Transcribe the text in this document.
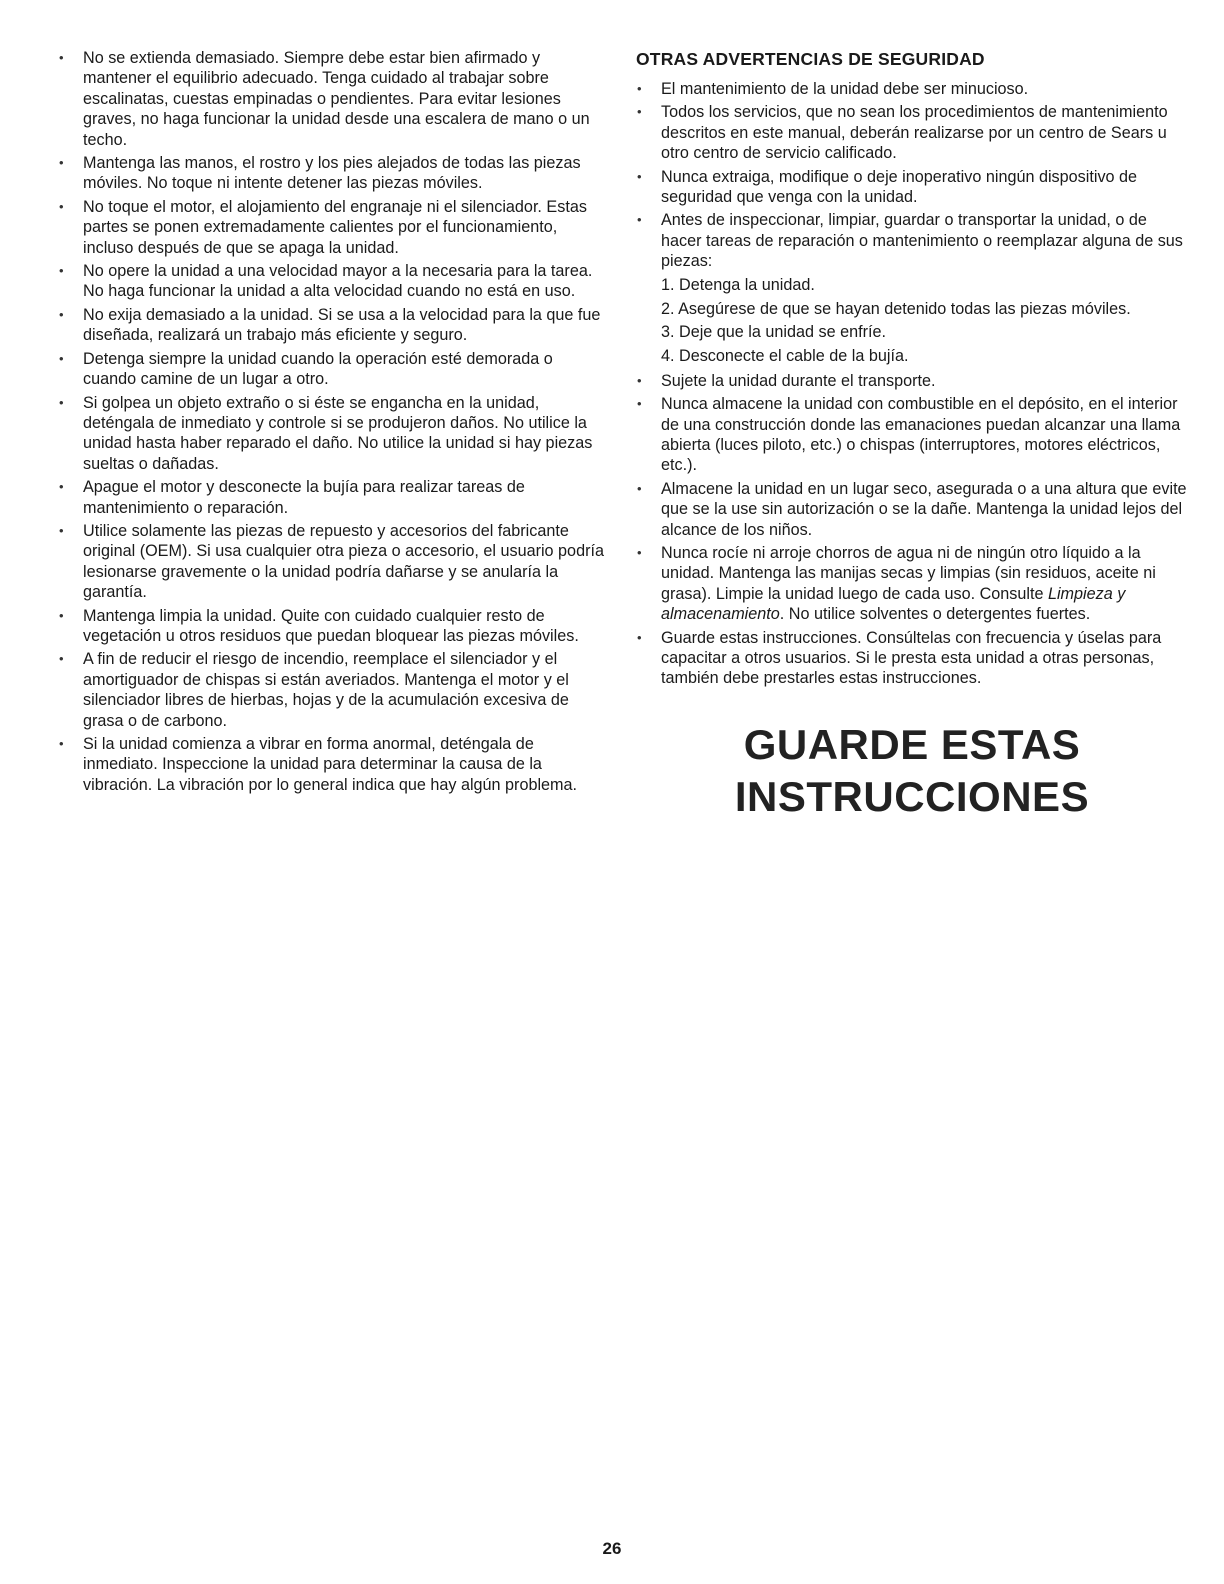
• No se extienda demasiado. Siempre debe estar bien afirmado y mantener el equilibrio adecuado. Tenga cuidado al trabajar sobre escalinatas, cuestas empinadas o pendientes. Para evitar lesiones graves, no haga funcionar la unidad desde una escalera de mano o un techo.
• Mantenga las manos, el rostro y los pies alejados de todas las piezas móviles. No toque ni intente detener las piezas móviles.
• No toque el motor, el alojamiento del engranaje ni el silenciador. Estas partes se ponen extremadamente calientes por el funcionamiento, incluso después de que se apaga la unidad.
• No opere la unidad a una velocidad mayor a la necesaria para la tarea. No haga funcionar la unidad a alta velocidad cuando no está en uso.
• No exija demasiado a la unidad. Si se usa a la velocidad para la que fue diseñada, realizará un trabajo más eficiente y seguro.
• Detenga siempre la unidad cuando la operación esté demorada o cuando camine de un lugar a otro.
• Si golpea un objeto extraño o si éste se engancha en la unidad, deténgala de inmediato y controle si se produjeron daños. No utilice la unidad hasta haber reparado el daño. No utilice la unidad si hay piezas sueltas o dañadas.
• Apague el motor y desconecte la bujía para realizar tareas de mantenimiento o reparación.
• Utilice solamente las piezas de repuesto y accesorios del fabricante original (OEM). Si usa cualquier otra pieza o accesorio, el usuario podría lesionarse gravemente o la unidad podría dañarse y se anularía la garantía.
• Mantenga limpia la unidad. Quite con cuidado cualquier resto de vegetación u otros residuos que puedan bloquear las piezas móviles.
• A fin de reducir el riesgo de incendio, reemplace el silenciador y el amortiguador de chispas si están averiados. Mantenga el motor y el silenciador libres de hierbas, hojas y de la acumulación excesiva de grasa o de carbono.
• Si la unidad comienza a vibrar en forma anormal, deténgala de inmediato. Inspeccione la unidad para determinar la causa de la vibración. La vibración por lo general indica que hay algún problema.
OTRAS ADVERTENCIAS DE SEGURIDAD
• El mantenimiento de la unidad debe ser minucioso.
• Todos los servicios, que no sean los procedimientos de mantenimiento descritos en este manual, deberán realizarse por un centro de Sears u otro centro de servicio calificado.
• Nunca extraiga, modifique o deje inoperativo ningún dispositivo de seguridad que venga con la unidad.
• Antes de inspeccionar, limpiar, guardar o transportar la unidad, o de hacer tareas de reparación o mantenimiento o reemplazar alguna de sus piezas:
1. Detenga la unidad.
2. Asegúrese de que se hayan detenido todas las piezas móviles.
3. Deje que la unidad se enfríe.
4. Desconecte el cable de la bujía.
• Sujete la unidad durante el transporte.
• Nunca almacene la unidad con combustible en el depósito, en el interior de una construcción donde las emanaciones puedan alcanzar una llama abierta (luces piloto, etc.) o chispas (interruptores, motores eléctricos, etc.).
• Almacene la unidad en un lugar seco, asegurada o a una altura que evite que se la use sin autorización o se la dañe. Mantenga la unidad lejos del alcance de los niños.
• Nunca rocíe ni arroje chorros de agua ni de ningún otro líquido a la unidad. Mantenga las manijas secas y limpias (sin residuos, aceite ni grasa). Limpie la unidad luego de cada uso. Consulte Limpieza y almacenamiento. No utilice solventes o detergentes fuertes.
• Guarde estas instrucciones. Consúltelas con frecuencia y úselas para capacitar a otros usuarios. Si le presta esta unidad a otras personas, también debe prestarles estas instrucciones.
GUARDE ESTAS
INSTRUCCIONES
26
